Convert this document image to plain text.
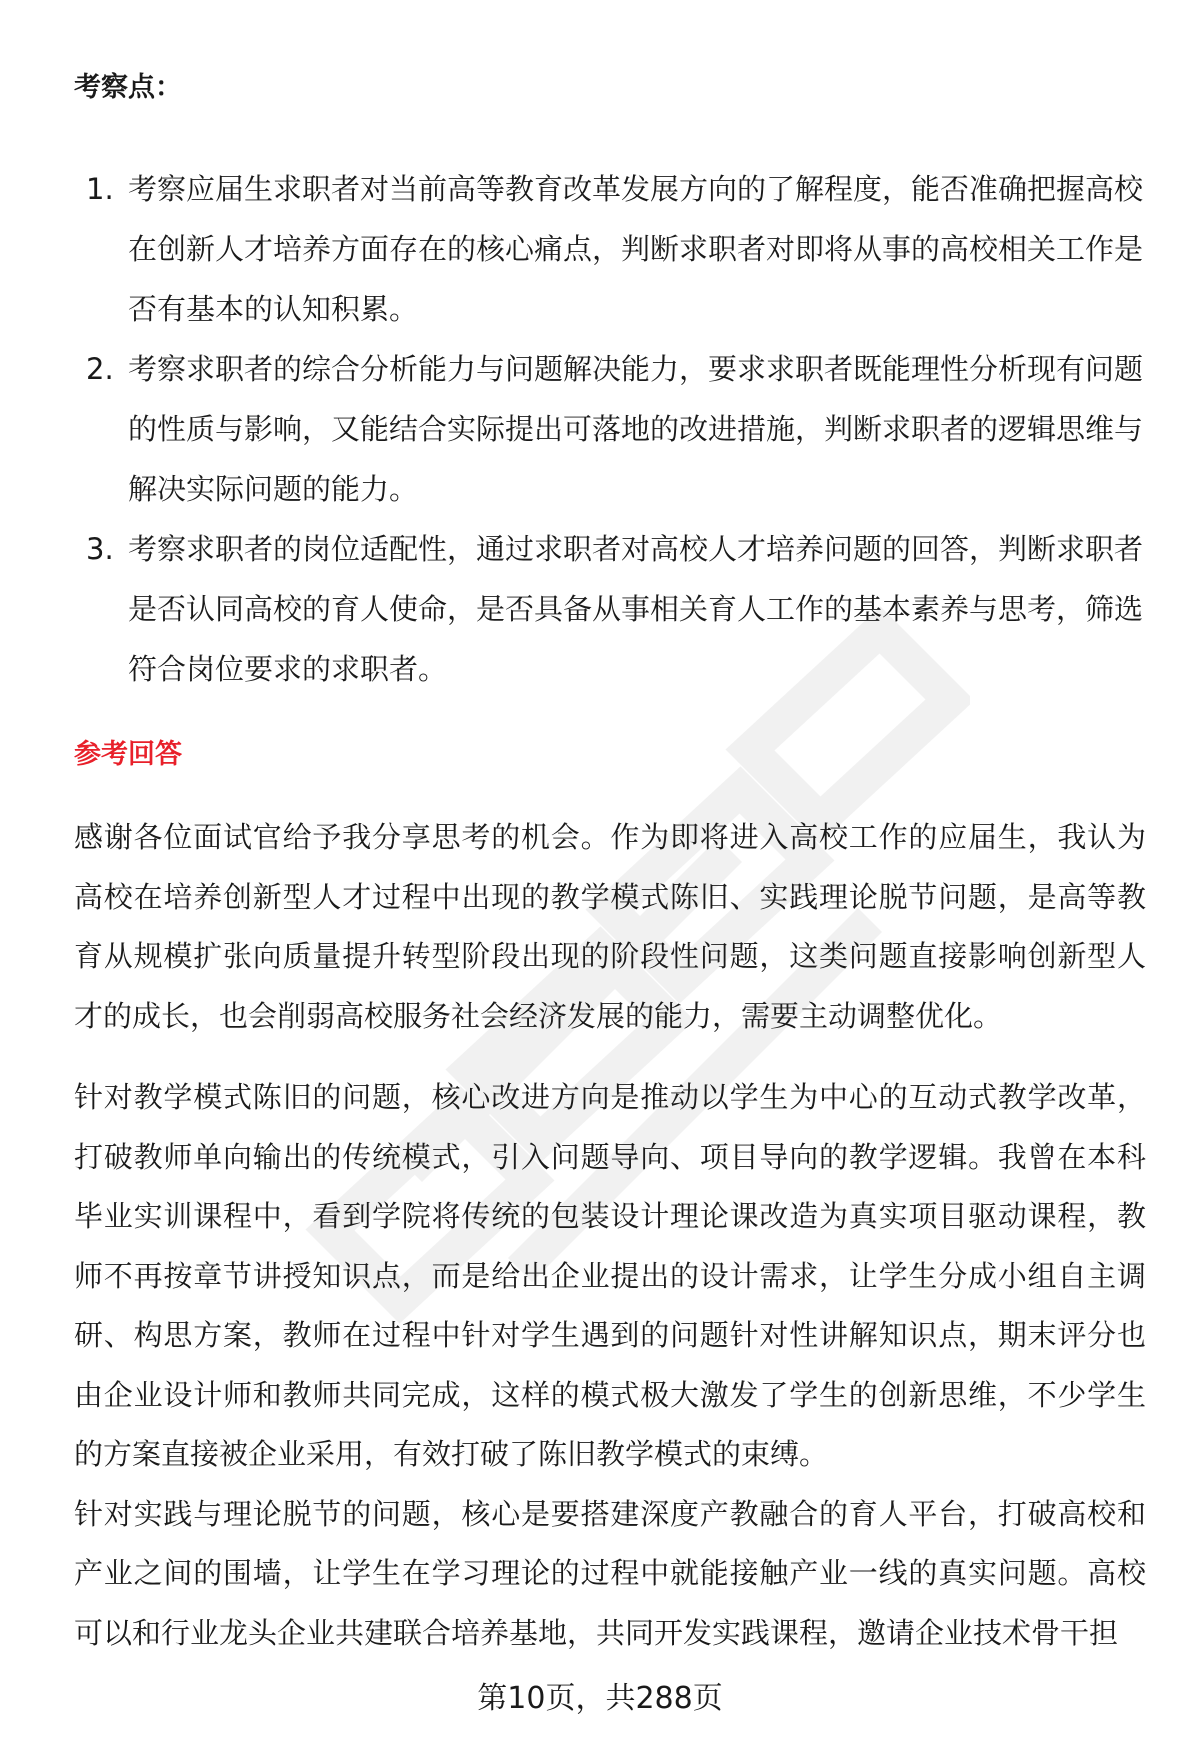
考察点：
1. 考察应届生求职者对当前高等教育改革发展方向的了解程度，能否准确把握高校在创新人才培养方面存在的核心痛点，判断求职者对即将从事的高校相关工作是否有基本的认知积累。
2. 考察求职者的综合分析能力与问题解决能力，要求求职者既能理性分析现有问题的性质与影响，又能结合实际提出可落地的改进措施，判断求职者的逻辑思维与解决实际问题的能力。
3. 考察求职者的岗位适配性，通过求职者对高校人才培养问题的回答，判断求职者是否认同高校的育人使命，是否具备从事相关育人工作的基本素养与思考，筛选符合岗位要求的求职者。
参考回答

感谢各位面试官给予我分享思考的机会。作为即将进入高校工作的应届生，我认为高校在培养创新型人才过程中出现的教学模式陈旧、实践理论脱节问题，是高等教育从规模扩张向质量提升转型阶段出现的阶段性问题，这类问题直接影响创新型人才的成长，也会削弱高校服务社会经济发展的能力，需要主动调整优化。

针对教学模式陈旧的问题，核心改进方向是推动以学生为中心的互动式教学改革，打破教师单向输出的传统模式，引入问题导向、项目导向的教学逻辑。我曾在本科毕业实训课程中，看到学院将传统的包装设计理论课改造为真实项目驱动课程，教师不再按章节讲授知识点，而是给出企业提出的设计需求，让学生分成小组自主调研、构思方案，教师在过程中针对学生遇到的问题针对性讲解知识点，期末评分也由企业设计师和教师共同完成，这样的模式极大激发了学生的创新思维，不少学生的方案直接被企业采用，有效打破了陈旧教学模式的束缚。

针对实践与理论脱节的问题，核心是要搭建深度产教融合的育人平台，打破高校和产业之间的围墙，让学生在学习理论的过程中就能接触产业一线的真实问题。高校可以和行业龙头企业共建联合培养基地，共同开发实践课程，邀请企业技术骨干担

第10页，共288页
